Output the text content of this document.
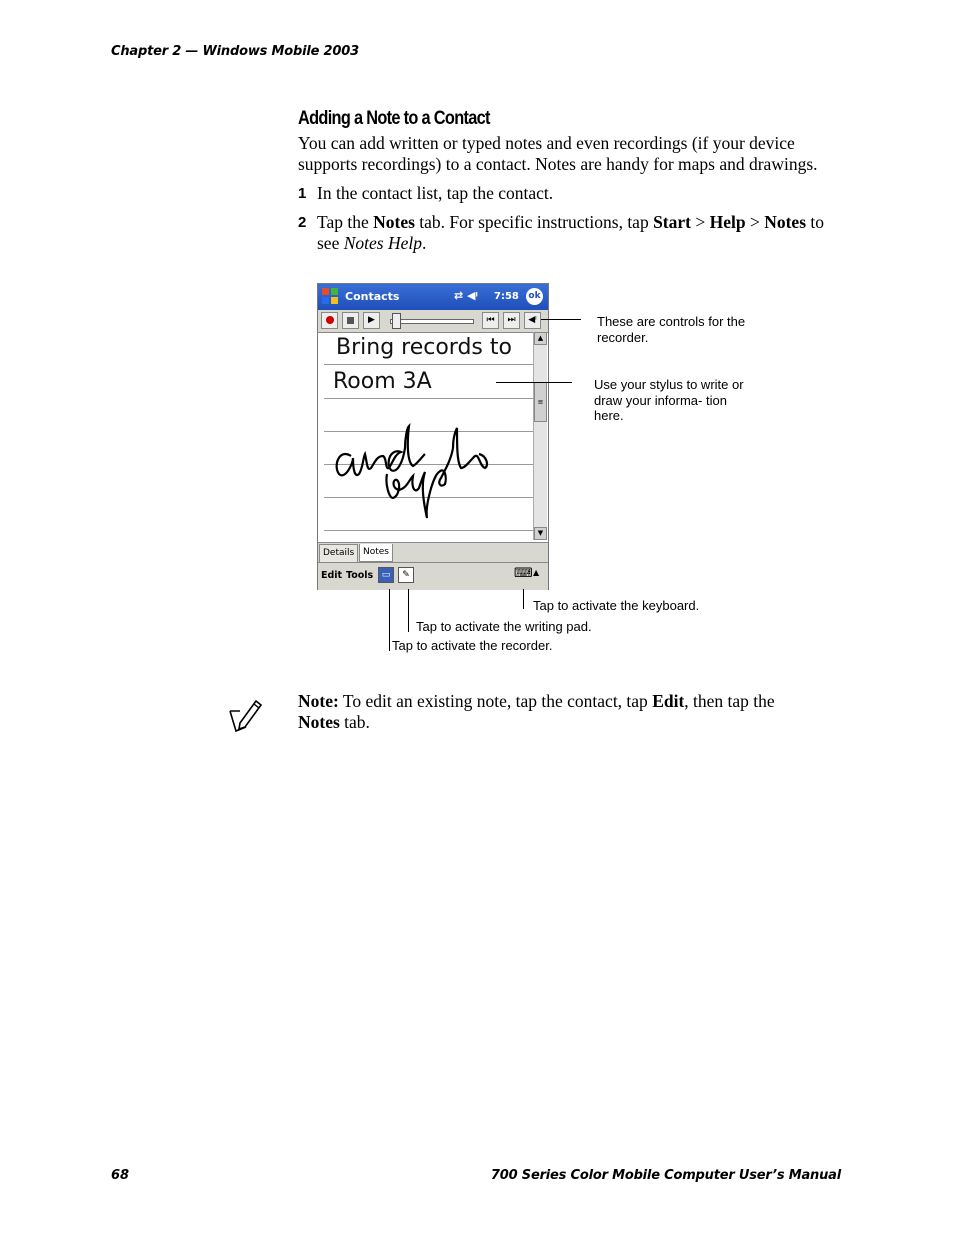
Chapter 2 — Windows Mobile 2003
Adding a Note to a Contact
You can add written or typed notes and even recordings (if your device supports recordings) to a contact. Notes are handy for maps and drawings.
1 In the contact list, tap the contact.
2 Tap the Notes tab. For specific instructions, tap Start > Help > Notes to see Notes Help.
Contacts	⇄ ◀ᵎ 7:58 ok
▶	⏮	⏭	◀ᵎ
Bring records to
Room 3A
▲
≡
▼
Details Notes
Edit Tools ▭	✎	⌨ ▲
These are controls for the recorder.
Use your stylus to write or draw your informa- tion here.
Tap to activate the keyboard.
Tap to activate the writing pad.
Tap to activate the recorder.
Note: To edit an existing note, tap the contact, tap Edit, then tap the Notes tab.
68	700 Series Color Mobile Computer User’s Manual
